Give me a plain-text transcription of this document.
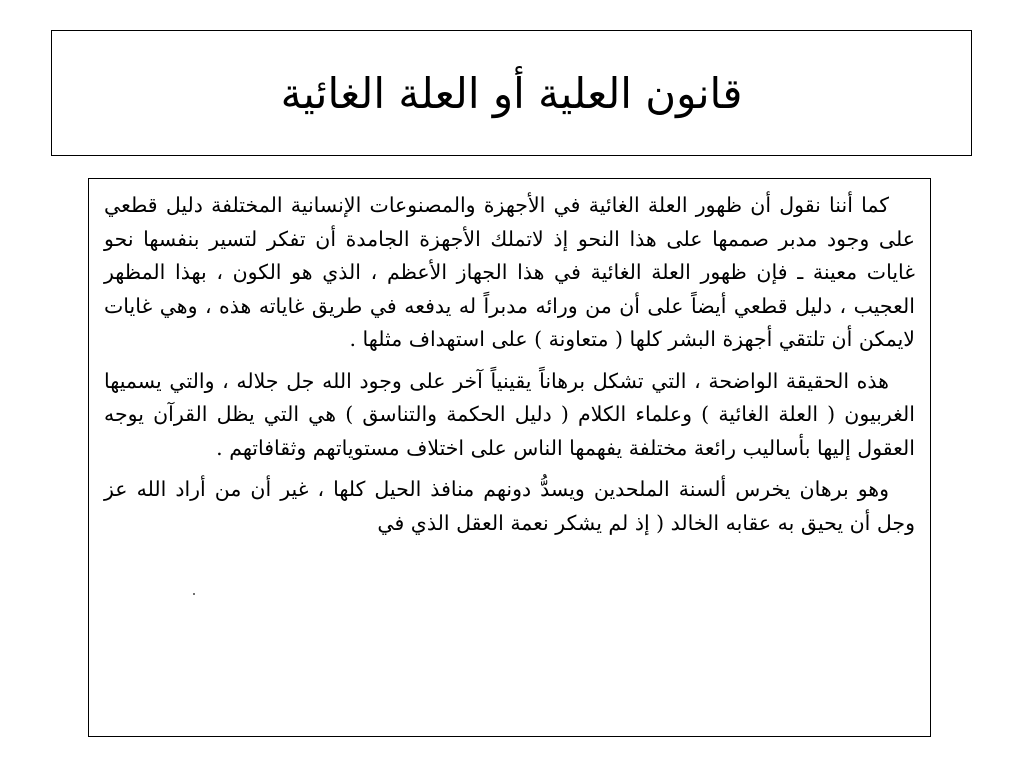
قانون العلية أو العلة الغائية

كما أننا نقول أن ظهور العلة الغائية في الأجهزة والمصنوعات الإنسانية المختلفة دليل قطعي على وجود مدبر صممها على هذا النحو إذ لاتملك الأجهزة الجامدة أن تفكر لتسير بنفسها نحو غايات معينة ـ فإن ظهور العلة الغائية في هذا الجهاز الأعظم ، الذي هو الكون ، بهذا المظهر العجيب ، دليل قطعي أيضاً على أن من ورائه مدبراً له يدفعه في طريق غاياته هذه ، وهي غايات لايمكن أن تلتقي أجهزة البشر كلها ( متعاونة ) على استهداف مثلها .

هذه الحقيقة الواضحة ، التي تشكل برهاناً يقينياً آخر على وجود الله جل جلاله ، والتي يسميها الغربيون ( العلة الغائية ) وعلماء الكلام ( دليل الحكمة والتناسق ) هي التي يظل القرآن يوجه العقول إليها بأساليب رائعة مختلفة يفهمها الناس على اختلاف مستوياتهم وثقافاتهم .

وهو برهان يخرس ألسنة الملحدين ويسدُّ دونهم منافذ الحيل كلها ، غير أن من أراد الله عز وجل أن يحيق به عقابه الخالد ( إذ لم يشكر نعمة العقل الذي في
